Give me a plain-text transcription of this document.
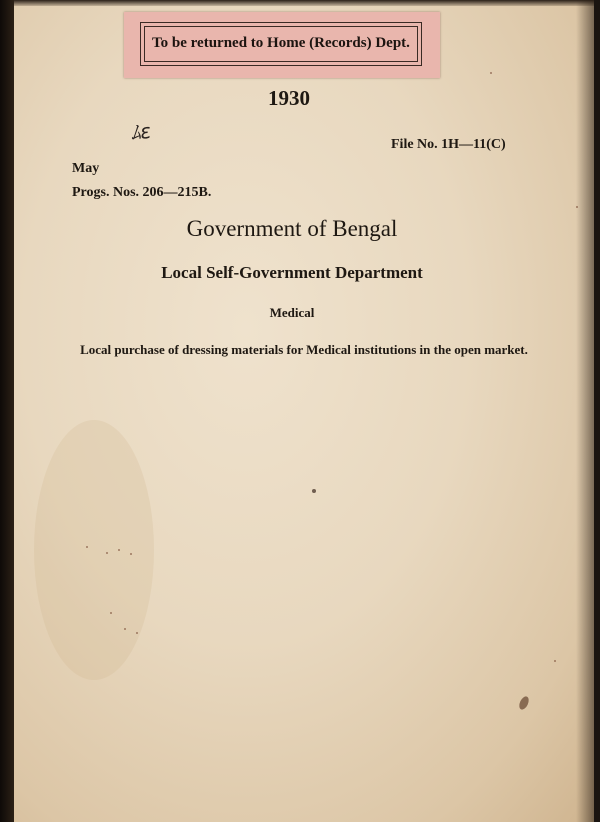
To be returned to Home (Records) Dept.
1930
ﾑε	File No. 1H—11(C)
May
Progs. Nos. 206—215B.
Government of Bengal
Local Self-Government Department
Medical
Local purchase of dressing materials for Medical institutions in the open market.
